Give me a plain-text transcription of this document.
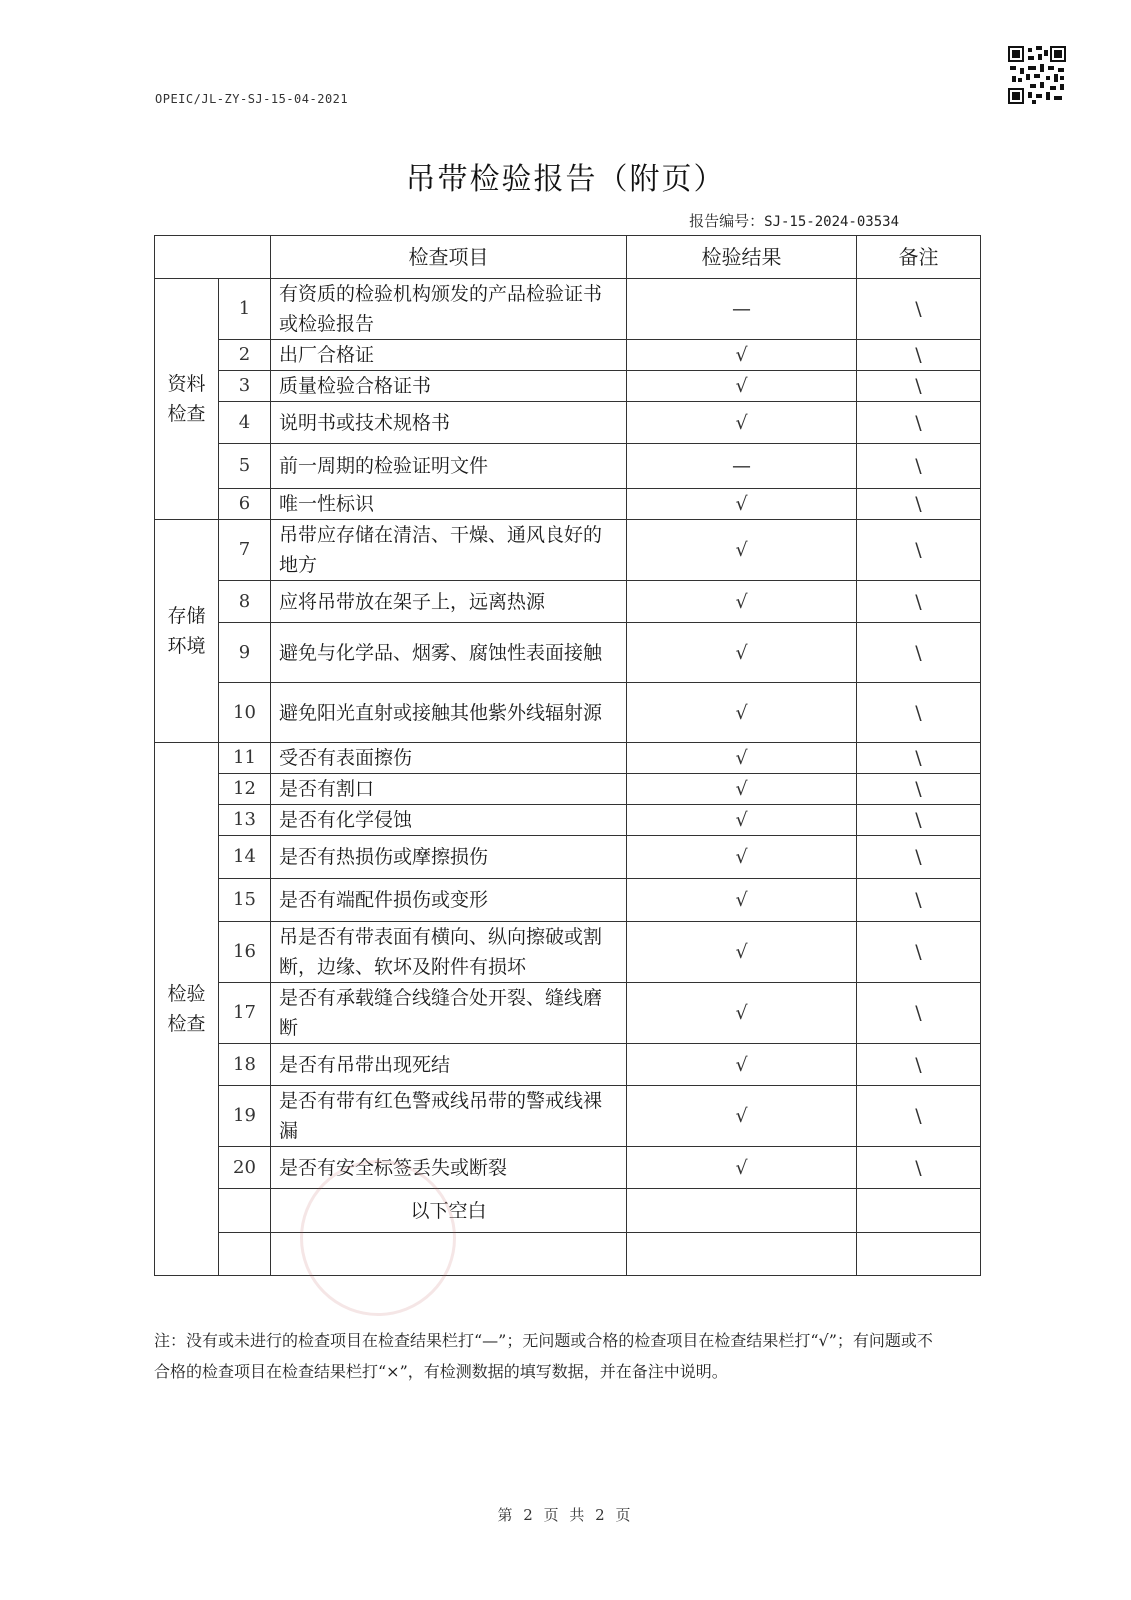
OPEIC/JL-ZY-SJ-15-04-2021
吊带检验报告（附页）
报告编号：SJ-15-2024-03534
		检查项目	检验结果	备注
资料
检查	1	有资质的检验机构颁发的产品检验证书或检验报告	—	\
	2	出厂合格证	√	\
	3	质量检验合格证书	√	\
	4	说明书或技术规格书	√	\
	5	前一周期的检验证明文件	—	\
	6	唯一性标识	√	\
存储
环境	7	吊带应存储在清洁、干燥、通风良好的地方	√	\
	8	应将吊带放在架子上，远离热源	√	\
	9	避免与化学品、烟雾、腐蚀性表面接触	√	\
	10	避免阳光直射或接触其他紫外线辐射源	√	\
检验
检查	11	受否有表面擦伤	√	\
	12	是否有割口	√	\
	13	是否有化学侵蚀	√	\
	14	是否有热损伤或摩擦损伤	√	\
	15	是否有端配件损伤或变形	√	\
	16	吊是否有带表面有横向、纵向擦破或割断，边缘、软坏及附件有损坏	√	\
	17	是否有承载缝合线缝合处开裂、缝线磨断	√	\
	18	是否有吊带出现死结	√	\
	19	是否有带有红色警戒线吊带的警戒线裸漏	√	\
	20	是否有安全标签丢失或断裂	√	\
		以下空白		

注：没有或未进行的检查项目在检查结果栏打“—”；无问题或合格的检查项目在检查结果栏打“√”；有问题或不合格的检查项目在检查结果栏打“×”，有检测数据的填写数据，并在备注中说明。
第 2 页 共 2 页
